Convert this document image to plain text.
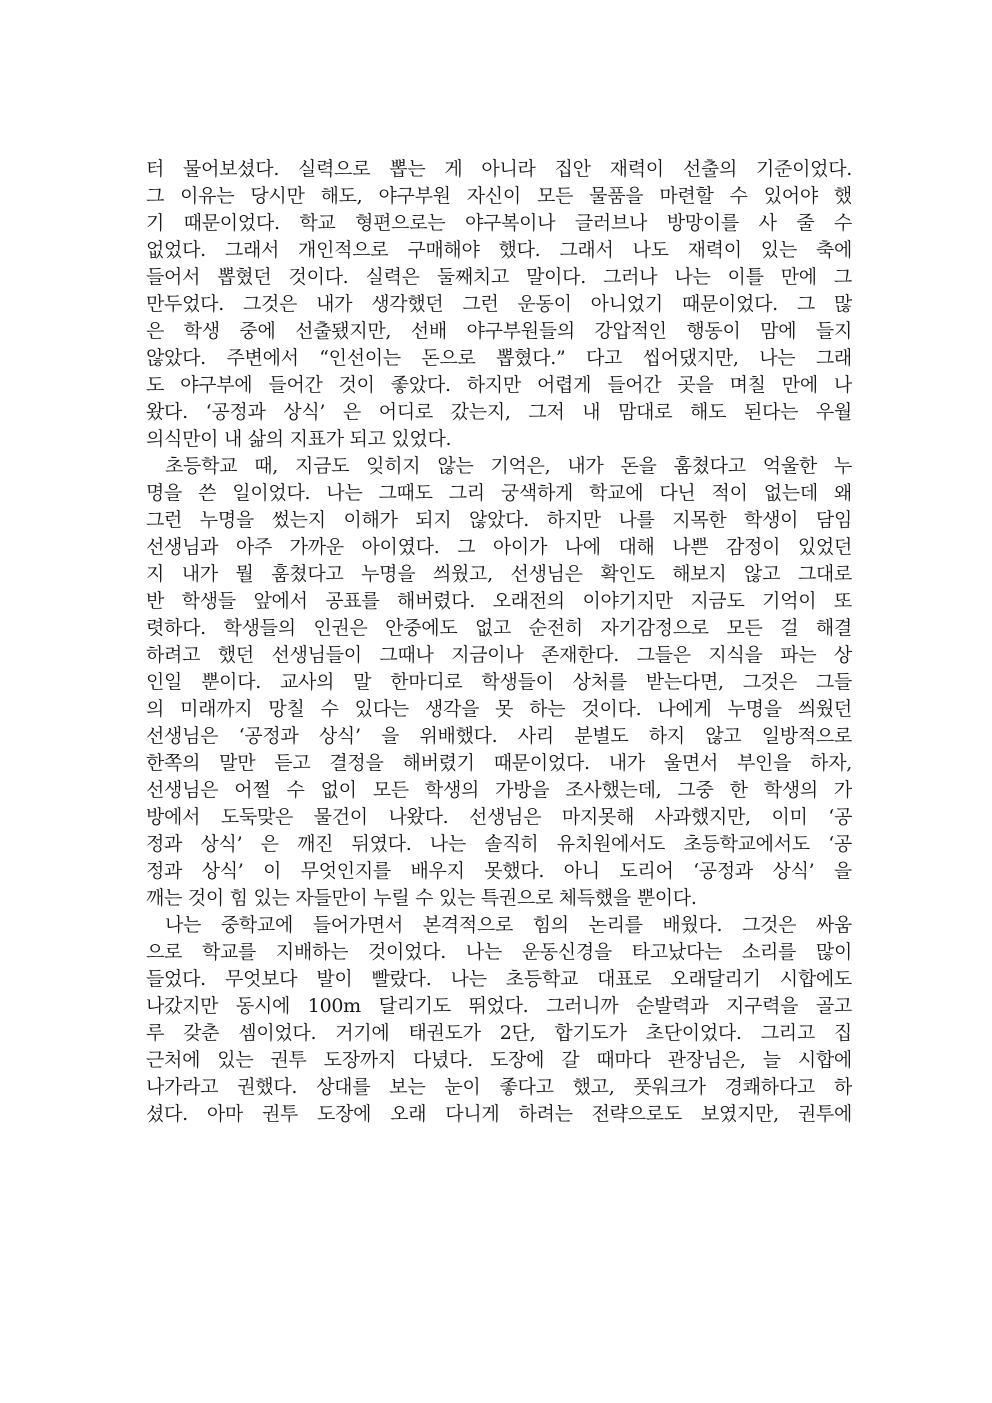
터 물어보셨다. 실력으로 뽑는 게 아니라 집안 재력이 선출의 기준이었다.
그 이유는 당시만 해도, 야구부원 자신이 모든 물품을 마련할 수 있어야 했
기 때문이었다. 학교 형편으로는 야구복이나 글러브나 방망이를 사 줄 수
없었다. 그래서 개인적으로 구매해야 했다. 그래서 나도 재력이 있는 축에
들어서 뽑혔던 것이다. 실력은 둘째치고 말이다. 그러나 나는 이틀 만에 그
만두었다. 그것은 내가 생각했던 그런 운동이 아니었기 때문이었다. 그 많
은 학생 중에 선출됐지만, 선배 야구부원들의 강압적인 행동이 맘에 들지
않았다. 주변에서 “인선이는 돈으로 뽑혔다.” 다고 씹어댔지만, 나는 그래
도 야구부에 들어간 것이 좋았다. 하지만 어렵게 들어간 곳을 며칠 만에 나
왔다. ‘공정과 상식’ 은 어디로 갔는지, 그저 내 맘대로 해도 된다는 우월
의식만이 내 삶의 지표가 되고 있었다.
초등학교 때, 지금도 잊히지 않는 기억은, 내가 돈을 훔쳤다고 억울한 누
명을 쓴 일이었다. 나는 그때도 그리 궁색하게 학교에 다닌 적이 없는데 왜
그런 누명을 썼는지 이해가 되지 않았다. 하지만 나를 지목한 학생이 담임
선생님과 아주 가까운 아이였다. 그 아이가 나에 대해 나쁜 감정이 있었던
지 내가 뭘 훔쳤다고 누명을 씌웠고, 선생님은 확인도 해보지 않고 그대로
반 학생들 앞에서 공표를 해버렸다. 오래전의 이야기지만 지금도 기억이 또
렷하다. 학생들의 인권은 안중에도 없고 순전히 자기감정으로 모든 걸 해결
하려고 했던 선생님들이 그때나 지금이나 존재한다. 그들은 지식을 파는 상
인일 뿐이다. 교사의 말 한마디로 학생들이 상처를 받는다면, 그것은 그들
의 미래까지 망칠 수 있다는 생각을 못 하는 것이다. 나에게 누명을 씌웠던
선생님은 ‘공정과 상식’ 을 위배했다. 사리 분별도 하지 않고 일방적으로
한쪽의 말만 듣고 결정을 해버렸기 때문이었다. 내가 울면서 부인을 하자,
선생님은 어쩔 수 없이 모든 학생의 가방을 조사했는데, 그중 한 학생의 가
방에서 도둑맞은 물건이 나왔다. 선생님은 마지못해 사과했지만, 이미 ‘공
정과 상식’ 은 깨진 뒤였다. 나는 솔직히 유치원에서도 초등학교에서도 ‘공
정과 상식’ 이 무엇인지를 배우지 못했다. 아니 도리어 ‘공정과 상식’ 을
깨는 것이 힘 있는 자들만이 누릴 수 있는 특권으로 체득했을 뿐이다.
나는 중학교에 들어가면서 본격적으로 힘의 논리를 배웠다. 그것은 싸움
으로 학교를 지배하는 것이었다. 나는 운동신경을 타고났다는 소리를 많이
들었다. 무엇보다 발이 빨랐다. 나는 초등학교 대표로 오래달리기 시합에도
나갔지만 동시에 100m 달리기도 뛰었다. 그러니까 순발력과 지구력을 골고
루 갖춘 셈이었다. 거기에 태권도가 2단, 합기도가 초단이었다. 그리고 집
근처에 있는 권투 도장까지 다녔다. 도장에 갈 때마다 관장님은, 늘 시합에
나가라고 권했다. 상대를 보는 눈이 좋다고 했고, 풋워크가 경쾌하다고 하
셨다. 아마 권투 도장에 오래 다니게 하려는 전략으로도 보였지만, 권투에
